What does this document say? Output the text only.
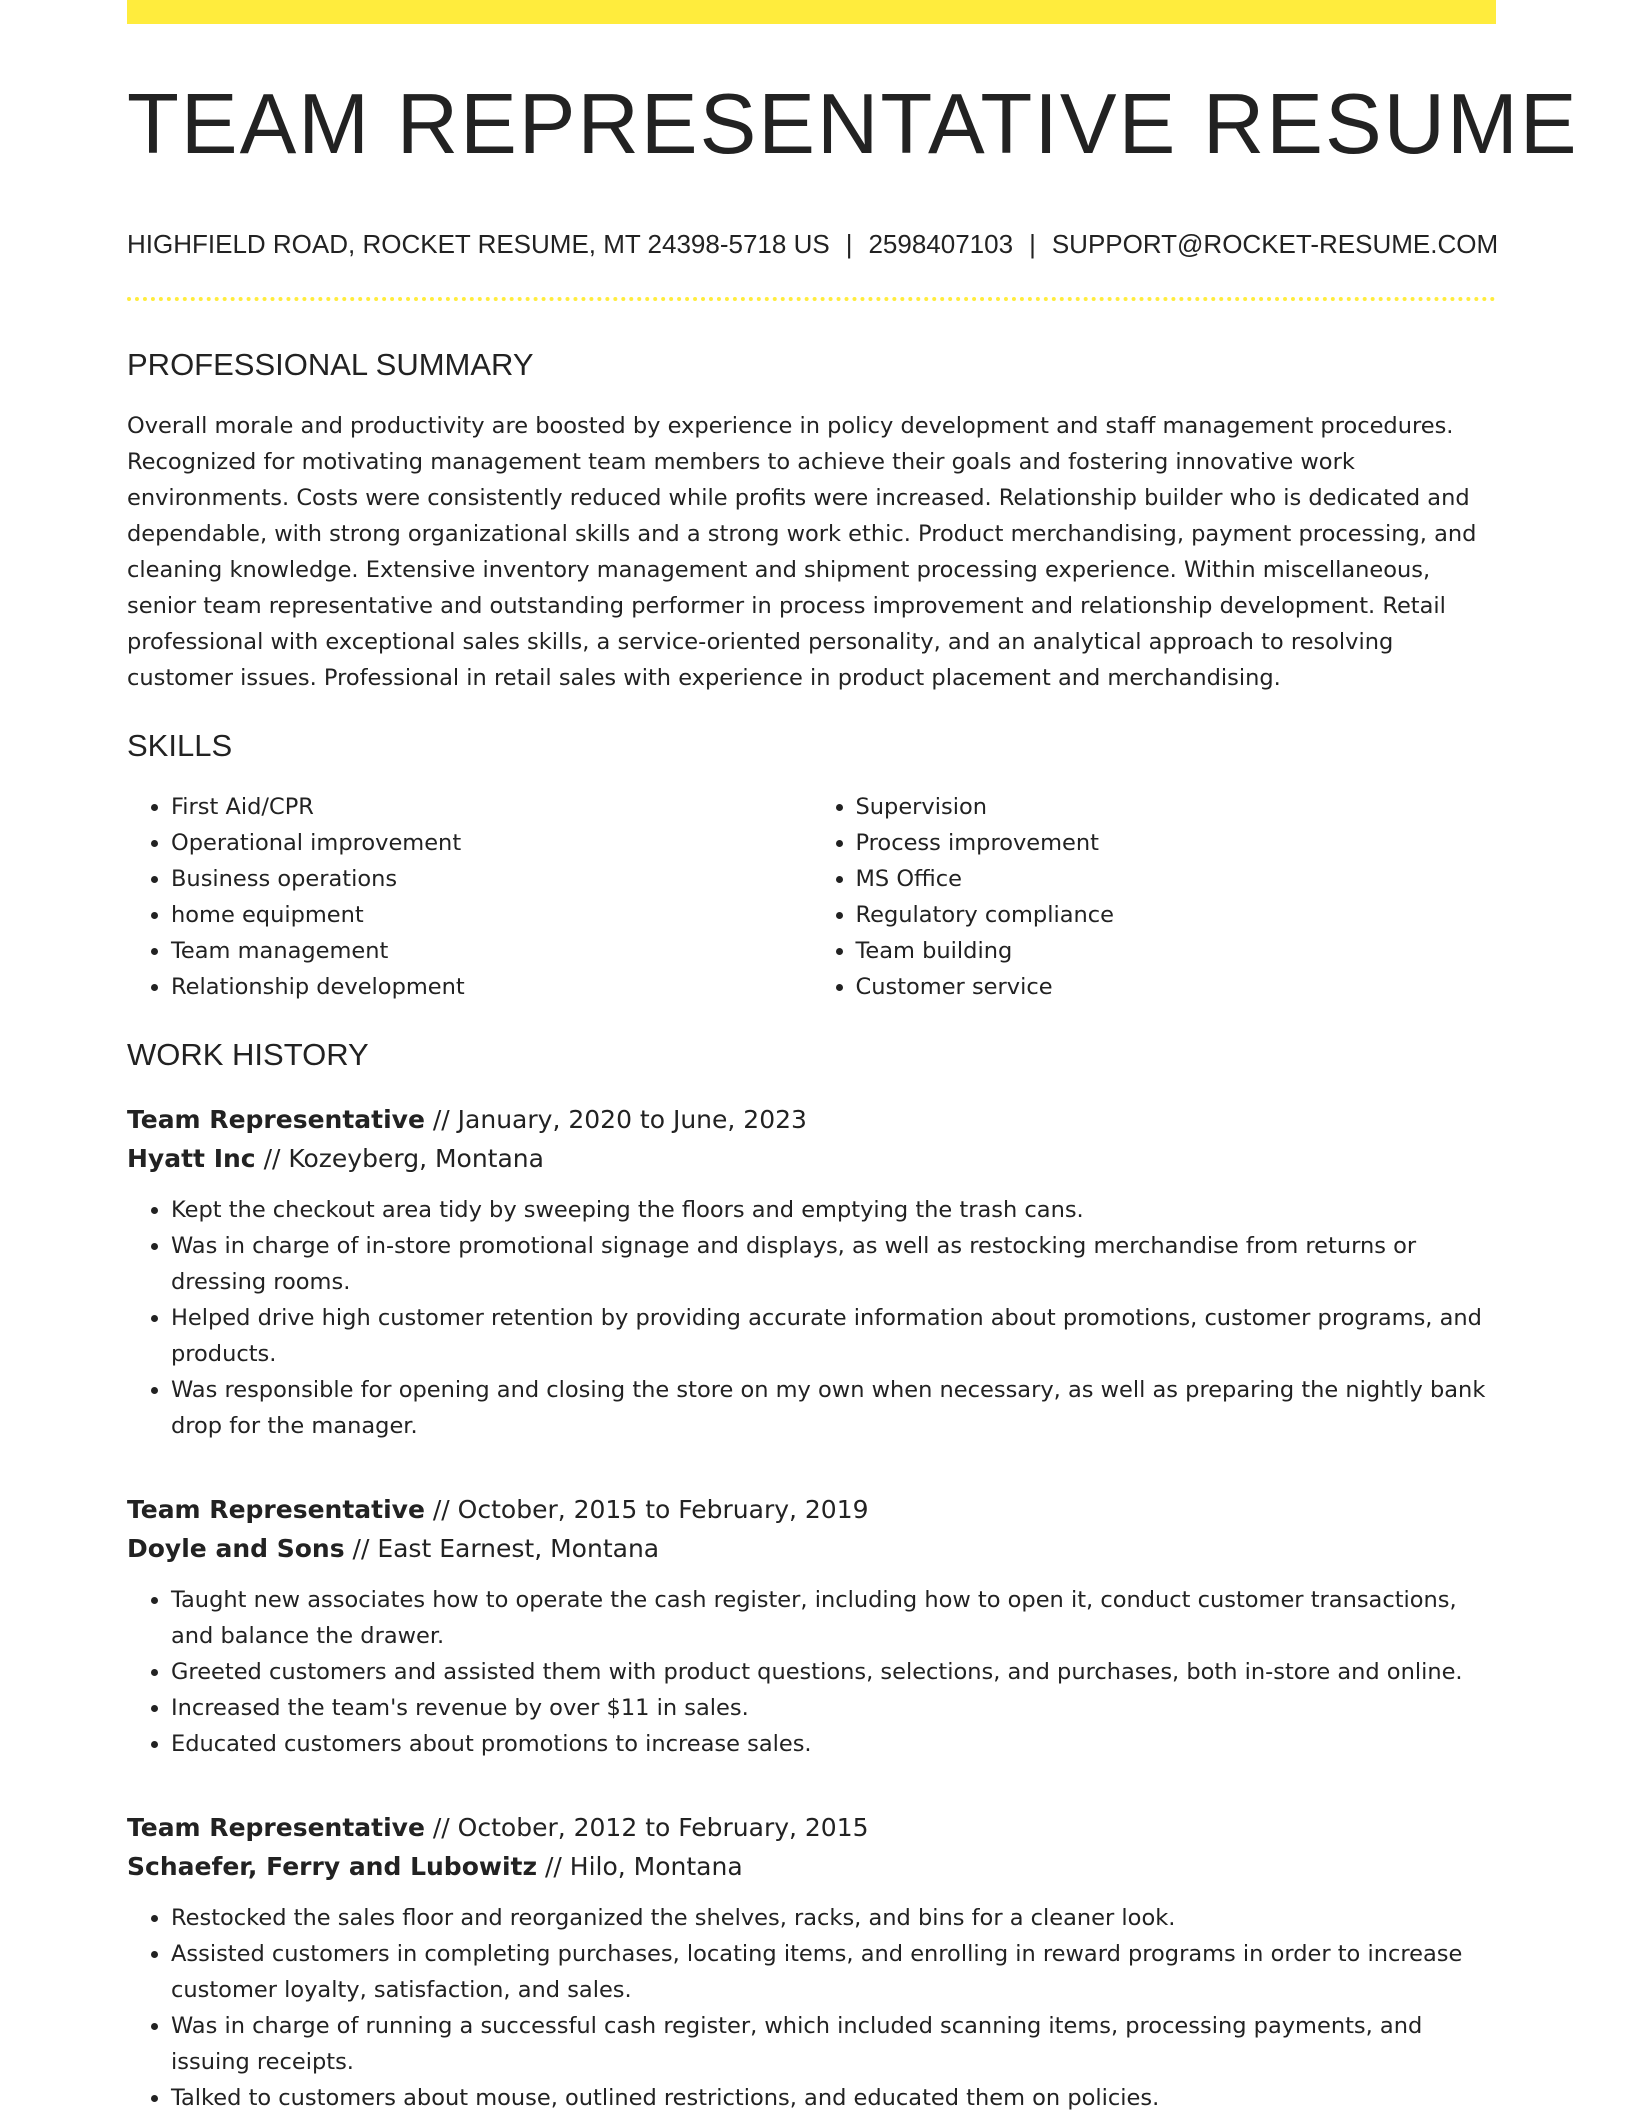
TEAM REPRESENTATIVE RESUME
HIGHFIELD ROAD, ROCKET RESUME, MT 24398-5718 US | 2598407103 | SUPPORT@ROCKET-RESUME.COM
PROFESSIONAL SUMMARY

Overall morale and productivity are boosted by experience in policy development and staff management procedures. Recognized for motivating management team members to achieve their goals and fostering innovative work environments. Costs were consistently reduced while profits were increased. Relationship builder who is dedicated and dependable, with strong organizational skills and a strong work ethic. Product merchandising, payment processing, and cleaning knowledge. Extensive inventory management and shipment processing experience. Within miscellaneous, senior team representative and outstanding performer in process improvement and relationship development. Retail professional with exceptional sales skills, a service-oriented personality, and an analytical approach to resolving customer issues. Professional in retail sales with experience in product placement and merchandising.

SKILLS
• First Aid/CPR
• Operational improvement
• Business operations
• home equipment
• Team management
• Relationship development
• Supervision
• Process improvement
• MS Office
• Regulatory compliance
• Team building
• Customer service
WORK HISTORY
Team Representative // January, 2020 to June, 2023
Hyatt Inc // Kozeyberg, Montana
• Kept the checkout area tidy by sweeping the floors and emptying the trash cans.
• Was in charge of in-store promotional signage and displays, as well as restocking merchandise from returns or dressing rooms.
• Helped drive high customer retention by providing accurate information about promotions, customer programs, and products.
• Was responsible for opening and closing the store on my own when necessary, as well as preparing the nightly bank drop for the manager.
Team Representative // October, 2015 to February, 2019
Doyle and Sons // East Earnest, Montana
• Taught new associates how to operate the cash register, including how to open it, conduct customer transactions, and balance the drawer.
• Greeted customers and assisted them with product questions, selections, and purchases, both in-store and online.
• Increased the team's revenue by over $11 in sales.
• Educated customers about promotions to increase sales.
Team Representative // October, 2012 to February, 2015
Schaefer, Ferry and Lubowitz // Hilo, Montana
• Restocked the sales floor and reorganized the shelves, racks, and bins for a cleaner look.
• Assisted customers in completing purchases, locating items, and enrolling in reward programs in order to increase customer loyalty, satisfaction, and sales.
• Was in charge of running a successful cash register, which included scanning items, processing payments, and issuing receipts.
• Talked to customers about mouse, outlined restrictions, and educated them on policies.
